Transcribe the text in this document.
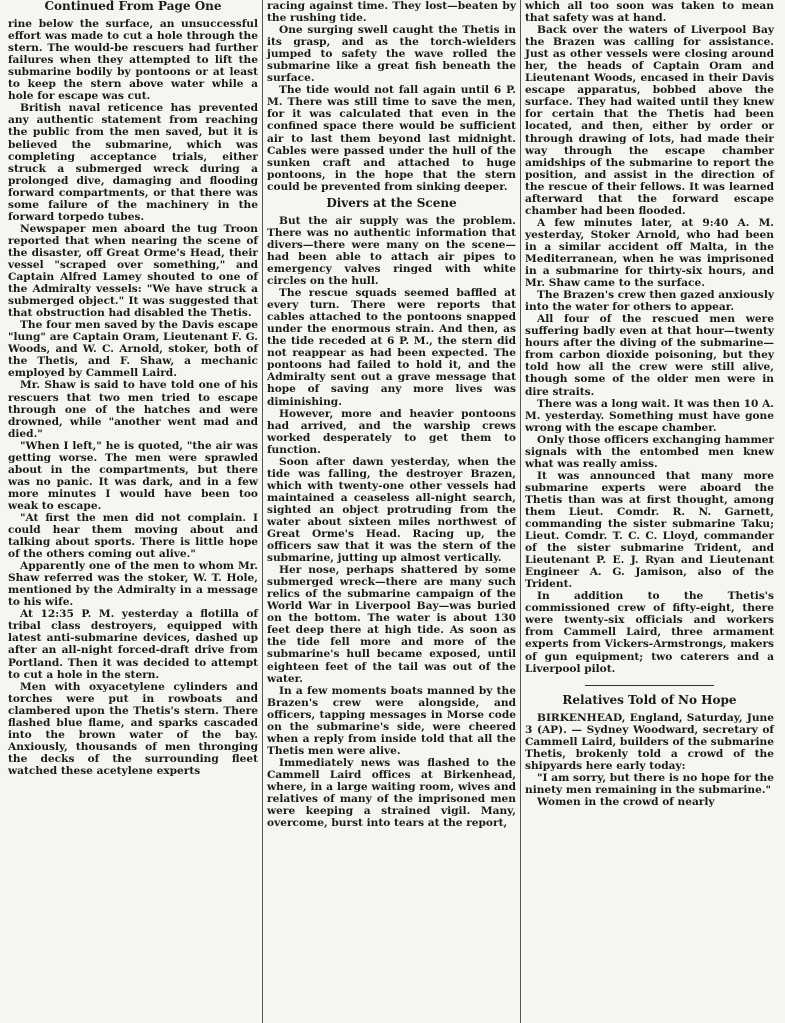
Continued From Page One

rine below the surface, an unsuccessful effort was made to cut a hole through the stern. The would-be rescuers had further failures when they attempted to lift the submarine bodily by pontoons or at least to keep the stern above water while a hole for escape was cut.

British naval reticence has prevented any authentic statement from reaching the public from the men saved, but it is believed the submarine, which was completing acceptance trials, either struck a submerged wreck during a prolonged dive, damaging and flooding forward compartments, or that there was some failure of the machinery in the forward torpedo tubes.

Newspaper men aboard the tug Troon reported that when nearing the scene of the disaster, off Great Orme's Head, their vessel "scraped over something," and Captain Alfred Lamey shouted to one of the Admiralty vessels: "We have struck a submerged object." It was suggested that that obstruction had disabled the Thetis.

The four men saved by the Davis escape "lung" are Captain Oram, Lieutenant F. G. Woods, and W. C. Arnold, stoker, both of the Thetis, and F. Shaw, a mechanic employed by Cammell Laird.

Mr. Shaw is said to have told one of his rescuers that two men tried to escape through one of the hatches and were drowned, while "another went mad and died."

"When I left," he is quoted, "the air was getting worse. The men were sprawled about in the compartments, but there was no panic. It was dark, and in a few more minutes I would have been too weak to escape.

"At first the men did not complain. I could hear them moving about and talking about sports. There is little hope of the others coming out alive."

Apparently one of the men to whom Mr. Shaw referred was the stoker, W. T. Hole, mentioned by the Admiralty in a message to his wife.

At 12:35 P. M. yesterday a flotilla of tribal class destroyers, equipped with latest anti-submarine devices, dashed up after an all-night forced-draft drive from Portland. Then it was decided to attempt to cut a hole in the stern.

Men with oxyacetylene cylinders and torches were put in rowboats and clambered upon the Thetis's stern. There flashed blue flame, and sparks cascaded into the brown water of the bay. Anxiously, thousands of men thronging the decks of the surrounding fleet watched these acetylene experts

racing against time. They lost—beaten by the rushing tide.

One surging swell caught the Thetis in its grasp, and as the torch-wielders jumped to safety the wave rolled the submarine like a great fish beneath the surface.

The tide would not fall again until 6 P. M. There was still time to save the men, for it was calculated that even in the confined space there would be sufficient air to last them beyond last midnight. Cables were passed under the hull of the sunken craft and attached to huge pontoons, in the hope that the stern could be prevented from sinking deeper.

Divers at the Scene

But the air supply was the problem. There was no authentic information that divers—there were many on the scene—had been able to attach air pipes to emergency valves ringed with white circles on the hull.

The rescue squads seemed baffled at every turn. There were reports that cables attached to the pontoons snapped under the enormous strain. And then, as the tide receded at 6 P. M., the stern did not reappear as had been expected. The pontoons had failed to hold it, and the Admiralty sent out a grave message that hope of saving any more lives was diminishing.

However, more and heavier pontoons had arrived, and the warship crews worked desperately to get them to function.

Soon after dawn yesterday, when the tide was falling, the destroyer Brazen, which with twenty-one other vessels had maintained a ceaseless all-night search, sighted an object protruding from the water about sixteen miles northwest of Great Orme's Head. Racing up, the officers saw that it was the stern of the submarine, jutting up almost vertically.

Her nose, perhaps shattered by some submerged wreck—there are many such relics of the submarine campaign of the World War in Liverpool Bay—was buried on the bottom. The water is about 130 feet deep there at high tide. As soon as the tide fell more and more of the submarine's hull became exposed, until eighteen feet of the tail was out of the water.

In a few moments boats manned by the Brazen's crew were alongside, and officers, tapping messages in Morse code on the submarine's side, were cheered when a reply from inside told that all the Thetis men were alive.

Immediately news was flashed to the Cammell Laird offices at Birkenhead, where, in a large waiting room, wives and relatives of many of the imprisoned men were keeping a strained vigil. Many, overcome, burst into tears at the report,

which all too soon was taken to mean that safety was at hand.

Back over the waters of Liverpool Bay the Brazen was calling for assistance. Just as other vessels were closing around her, the heads of Captain Oram and Lieutenant Woods, encased in their Davis escape apparatus, bobbed above the surface. They had waited until they knew for certain that the Thetis had been located, and then, either by order or through drawing of lots, had made their way through the escape chamber amidships of the submarine to report the position, and assist in the direction of the rescue of their fellows. It was learned afterward that the forward escape chamber had been flooded.

A few minutes later, at 9:40 A. M. yesterday, Stoker Arnold, who had been in a similar accident off Malta, in the Mediterranean, when he was imprisoned in a submarine for thirty-six hours, and Mr. Shaw came to the surface.

The Brazen's crew then gazed anxiously into the water for others to appear.

All four of the rescued men were suffering badly even at that hour—twenty hours after the diving of the submarine—from carbon dioxide poisoning, but they told how all the crew were still alive, though some of the older men were in dire straits.

There was a long wait. It was then 10 A. M. yesterday. Something must have gone wrong with the escape chamber.

Only those officers exchanging hammer signals with the entombed men knew what was really amiss.

It was announced that many more submarine experts were aboard the Thetis than was at first thought, among them Lieut. Comdr. R. N. Garnett, commanding the sister submarine Taku; Lieut. Comdr. T. C. C. Lloyd, commander of the sister submarine Trident, and Lieutenant P. E. J. Ryan and Lieutenant Engineer A. G. Jamison, also of the Trident.

In addition to the Thetis's commissioned crew of fifty-eight, there were twenty-six officials and workers from Cammell Laird, three armament experts from Vickers-Armstrongs, makers of gun equipment; two caterers and a Liverpool pilot.

Relatives Told of No Hope

BIRKENHEAD, England, Saturday, June 3 (AP). — Sydney Woodward, secretary of Cammell Laird, builders of the submarine Thetis, brokenly told a crowd of the shipyards here early today:

"I am sorry, but there is no hope for the ninety men remaining in the submarine."

Women in the crowd of nearly
